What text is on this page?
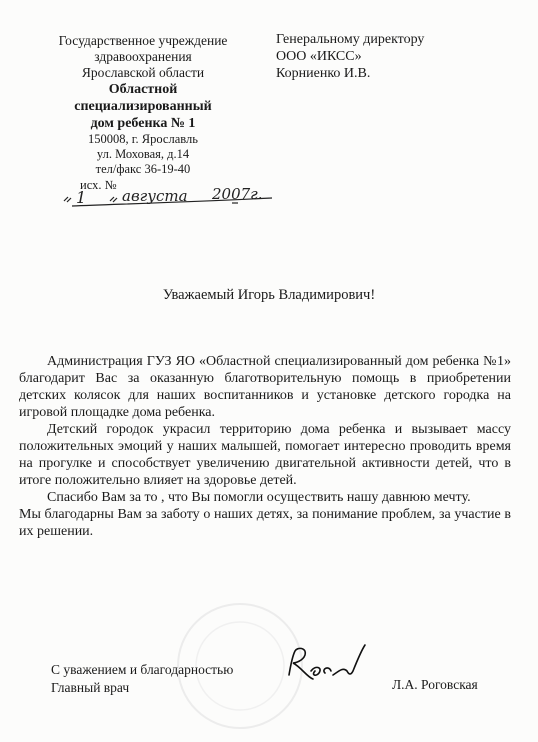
Государственное учреждение
здравоохранения
Ярославской области
Областной
специализированный
дом ребенка № 1
150008, г. Ярославль
ул. Моховая, д.14
тел/факс 36-19-40
исх. №
1 августа 2007г.
Генеральному директору
ООО «ИКСС»
Корниенко И.В.
Уважаемый Игорь Владимирович!

Администрация ГУЗ ЯО «Областной специализированный дом ребенка №1» благодарит Вас за оказанную благотворительную помощь в приобретении детских колясок для наших воспитанников и установке детского городка на игровой площадке дома ребенка.

Детский городок украсил территорию дома ребенка и вызывает массу положительных эмоций у наших малышей, помогает интересно проводить время на прогулке и способствует увеличению двигательной активности детей, что в итоге положительно влияет на здоровье детей.

Спасибо Вам за то , что Вы помогли осуществить нашу давнюю мечту.

Мы благодарны Вам за заботу о наших детях, за понимание проблем, за участие в их решении.

С уважением и благодарностью
Главный врач	Л.А. Роговская
